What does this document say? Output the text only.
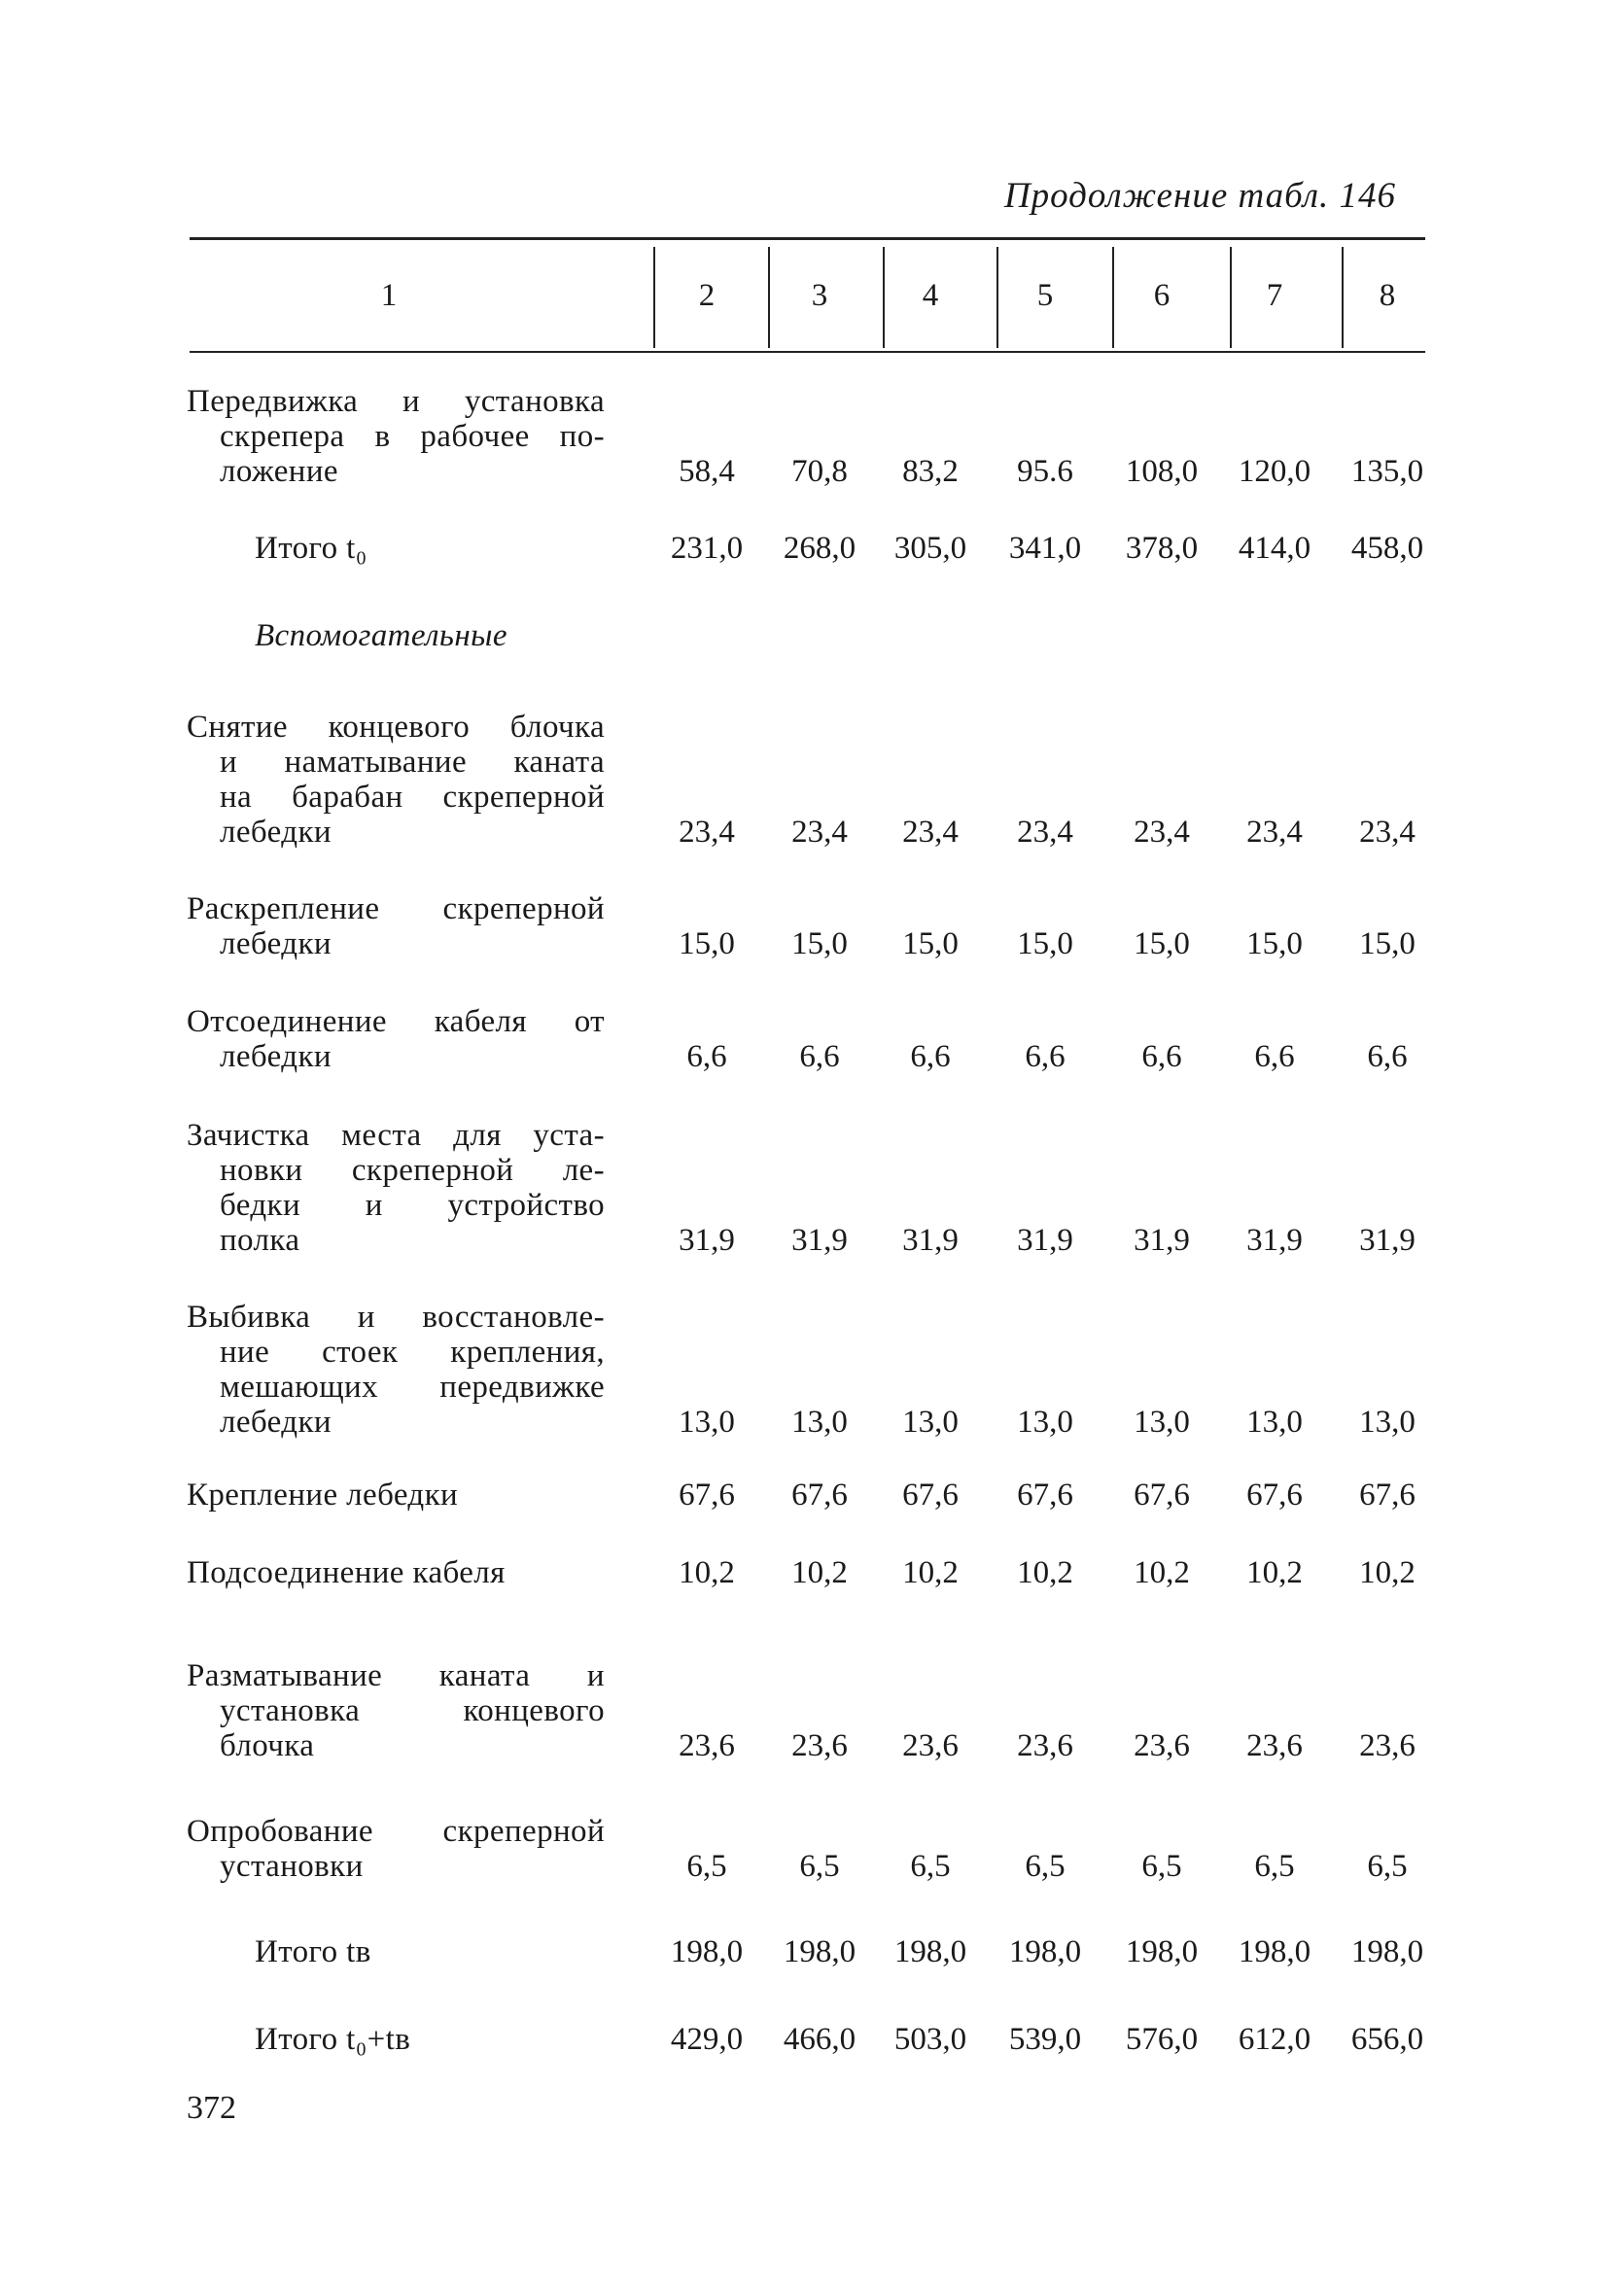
Продолжение табл. 146
1	2	3	4	5	6	7	8
Передвижка и установка
скрепера в рабочее по-
ложение	58,4	70,8	83,2	95.6	108,0	120,0	135,0
Итого t₀	231,0	268,0	305,0	341,0	378,0	414,0	458,0
Вспомогательные
Снятие концевого блочка
и наматывание каната
на барабан скреперной
лебедки	23,4	23,4	23,4	23,4	23,4	23,4	23,4
Раскрепление скреперной
лебедки	15,0	15,0	15,0	15,0	15,0	15,0	15,0
Отсоединение кабеля от
лебедки	6,6	6,6	6,6	6,6	6,6	6,6	6,6
Зачистка места для уста-
новки скреперной ле-
бедки и устройство
полка	31,9	31,9	31,9	31,9	31,9	31,9	31,9
Выбивка и восстановле-
ние стоек крепления,
мешающих передвижке
лебедки	13,0	13,0	13,0	13,0	13,0	13,0	13,0
Крепление лебедки	67,6	67,6	67,6	67,6	67,6	67,6	67,6
Подсоединение кабеля	10,2	10,2	10,2	10,2	10,2	10,2	10,2
Разматывание каната и
установка концевого
блочка	23,6	23,6	23,6	23,6	23,6	23,6	23,6
Опробование скреперной
установки	6,5	6,5	6,5	6,5	6,5	6,5	6,5
Итого tв	198,0	198,0	198,0	198,0	198,0	198,0	198,0
Итого t₀+tв	429,0	466,0	503,0	539,0	576,0	612,0	656,0
372
